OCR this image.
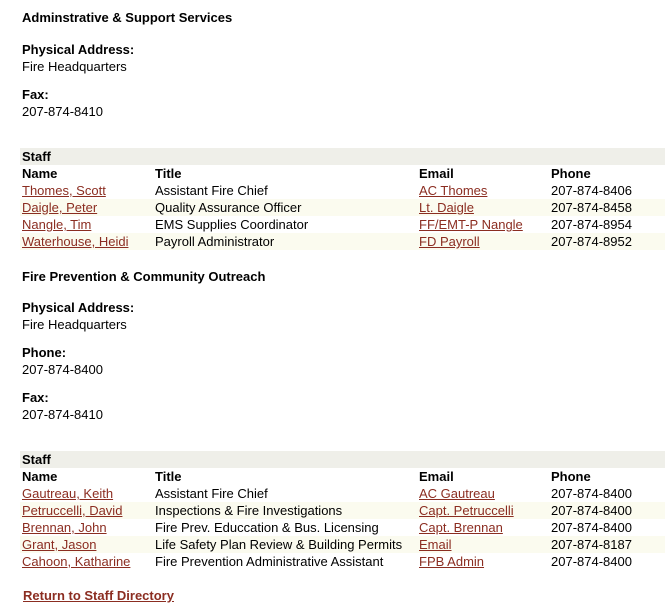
Adminstrative & Support Services
Physical Address:
Fire Headquarters
Fax:
207-874-8410
Staff			
Name	Title	Email	Phone
Thomes, Scott	Assistant Fire Chief	AC Thomes	207-874-8406
Daigle, Peter	Quality Assurance Officer	Lt. Daigle	207-874-8458
Nangle, Tim	EMS Supplies Coordinator	FF/EMT-P Nangle	207-874-8954
Waterhouse, Heidi	Payroll Administrator	FD Payroll	207-874-8952
Fire Prevention & Community Outreach
Physical Address:
Fire Headquarters
Phone:
207-874-8400
Fax:
207-874-8410
Staff			
Name	Title	Email	Phone
Gautreau, Keith	Assistant Fire Chief	AC Gautreau	207-874-8400
Petruccelli, David	Inspections & Fire Investigations	Capt. Petruccelli	207-874-8400
Brennan, John	Fire Prev. Educcation & Bus. Licensing	Capt. Brennan	207-874-8400
Grant, Jason	Life Safety Plan Review & Building Permits	Email	207-874-8187
Cahoon, Katharine	Fire Prevention Administrative Assistant	FPB Admin	207-874-8400
Return to Staff Directory
